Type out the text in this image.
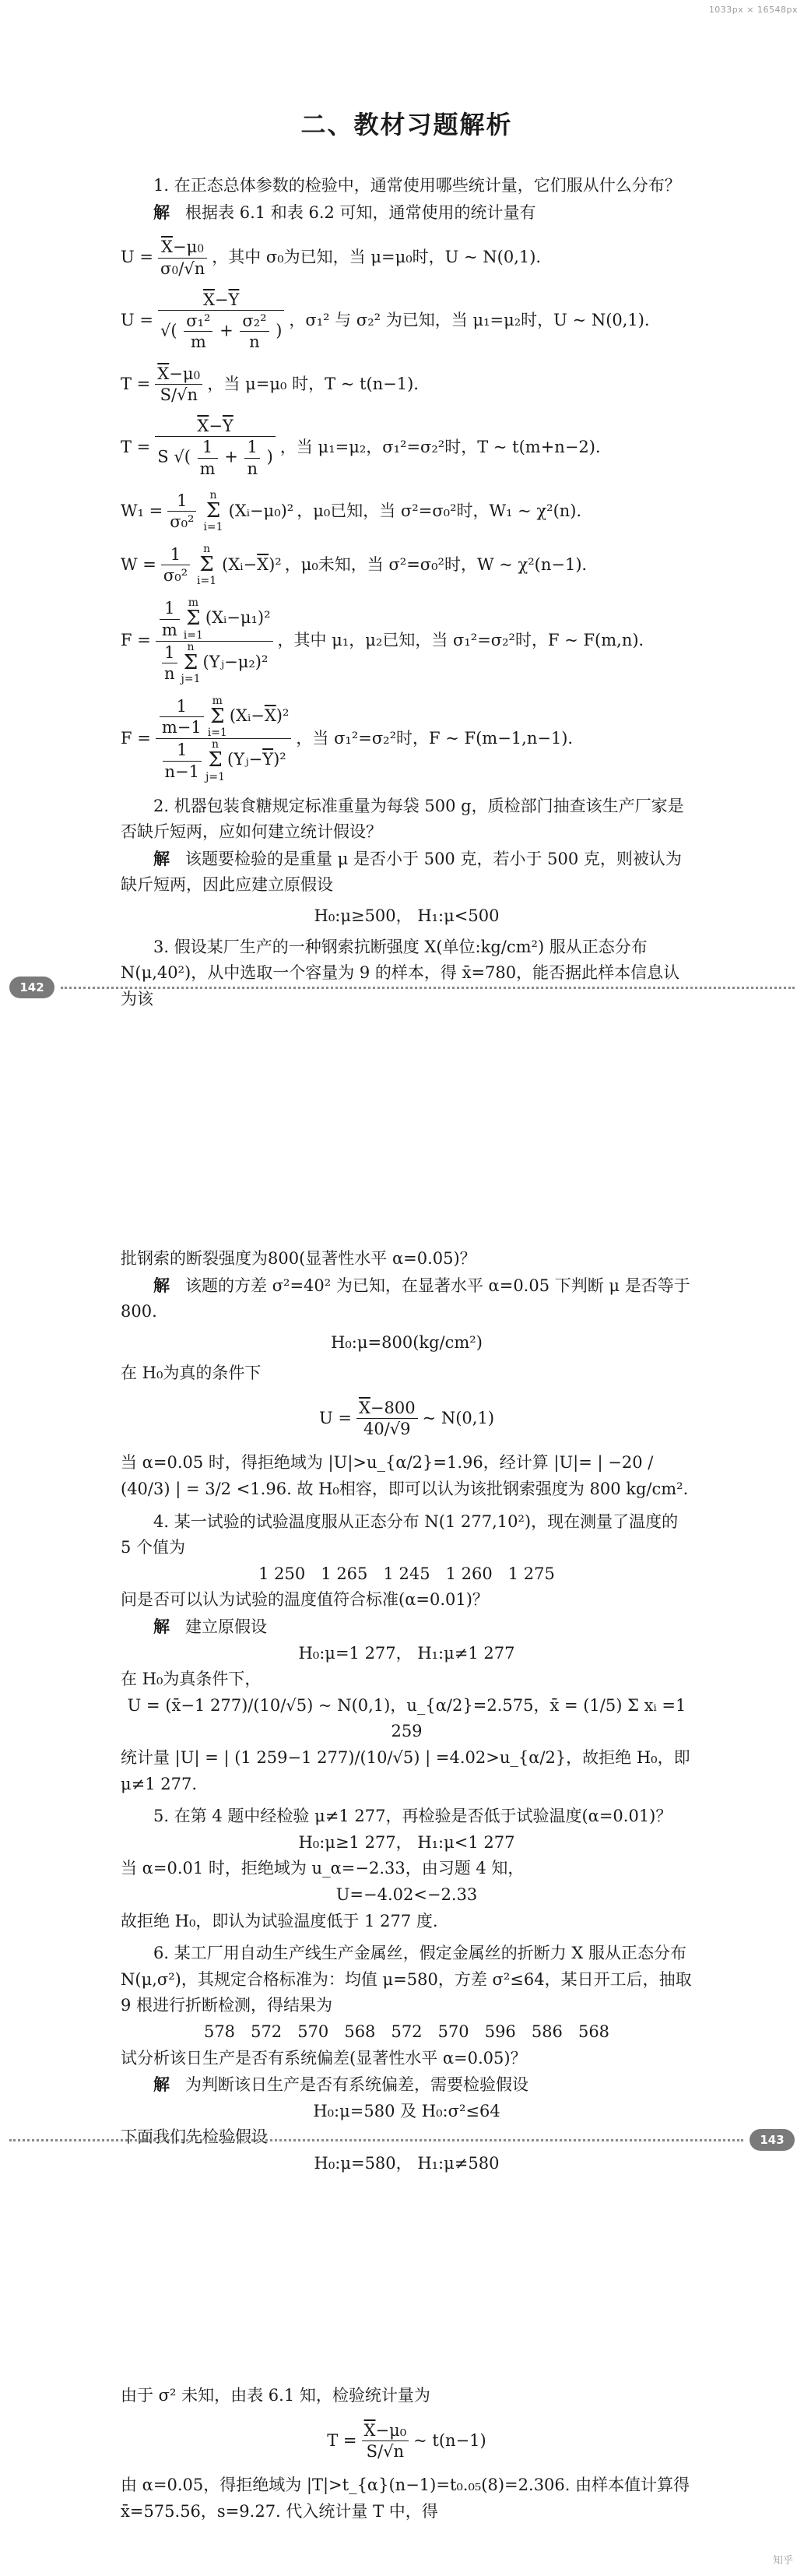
1033px × 16548px
二、教材习题解析

1. 在正态总体参数的检验中，通常使用哪些统计量，它们服从什么分布？

解 根据表 6.1 和表 6.2 可知，通常使用的统计量有

$U = \frac{\overline{X}-\mu 0}{\sigma 0/√n}$ ，其中 σ₀为已知，当 μ=μ₀时，U ~ N(0,1)．
$U = \frac{\overline{X}-\overline{Y}}{√( \frac{\text{σ₁²}}{m} + \frac{\text{σ₂²}}{n} )}$ ，σ₁² 与 σ₂² 为已知，当 μ₁=μ₂时，U ~ N(0,1)．
$T = \frac{\overline{X}-\mu 0}{S/√n}$ ，当 μ=μ₀ 时，T ~ t(n−1)．
$T = \frac{\overline{X}-\overline{Y}}{S √( \frac{1}{m} + \frac{1}{n} )}$ ，当 μ₁=μ₂，σ₁²=σ₂²时，T ~ t(m+n−2)．
$W_1 = \frac{1}{\text{σ₀²}}$ n
Σ
i=1
(Xᵢ−μ₀)² ，μ₀已知，当 σ²=σ₀²时，W₁ ~ χ²(n)．
$W = \frac{1}{\text{σ₀²}}$ n
Σ
i=1
$(Xᵢ-\overline{X})^2$ ，μ₀未知，当 σ²=σ₀²时，W ~ χ²(n−1)．
F =
$\frac{1}{m}$ m
Σ
i=1
(Xᵢ−μ₁)²
$\frac{1}{n}$ n
Σ
j=1
(Yⱼ−μ₂)²
，其中 μ₁，μ₂已知，当 σ₁²=σ₂²时，F ~ F(m,n)．
F =
$\frac{1}{m-1}$ m
Σ
i=1
$(Xᵢ-\overline{X})^2$
$\frac{1}{n-1}$ n
Σ
j=1
$(Yⱼ-\overline{Y})^2$
，当 σ₁²=σ₂²时，F ~ F(m−1,n−1)．

2. 机器包装食糖规定标准重量为每袋 500 g，质检部门抽查该生产厂家是否缺斤短两，应如何建立统计假设？

解 该题要检验的是重量 μ 是否小于 500 克，若小于 500 克，则被认为缺斤短两，因此应建立原假设

H₀:μ≥500， H₁:μ<500

3. 假设某厂生产的一种钢索抗断强度 X(单位:kg/cm²) 服从正态分布 N(μ,40²)，从中选取一个容量为 9 的样本，得 x̄=780，能否据此样本信息认为该

142

批钢索的断裂强度为800(显著性水平 α=0.05)？

解 该题的方差 σ²=40² 为已知，在显著水平 α=0.05 下判断 μ 是否等于 800.

H₀:μ=800(kg/cm²)

在 H₀为真的条件下

$U = \frac{\overline{X}-800}{40/√9}$ ~ N(0,1)

当 α=0.05 时，得拒绝域为 |U|>u_{α/2}=1.96，经计算 |U|= | −20 / (40/3) | = 3/2 <1.96. 故 H₀相容，即可以认为该批钢索强度为 800 kg/cm².

4. 某一试验的试验温度服从正态分布 N(1 277,10²)，现在测量了温度的 5 个值为

1 250 1 265 1 245 1 260 1 275

问是否可以认为试验的温度值符合标准(α=0.01)？

解 建立原假设

H₀:μ=1 277， H₁:μ≠1 277

在 H₀为真条件下，

U = (x̄−1 277)/(10/√5) ~ N(0,1)，u_{α/2}=2.575，x̄ = (1/5) Σ xᵢ =1 259

统计量 |U| = | (1 259−1 277)/(10/√5) | =4.02>u_{α/2}，故拒绝 H₀，即 μ≠1 277.

5. 在第 4 题中经检验 μ≠1 277，再检验是否低于试验温度(α=0.01)？

H₀:μ≥1 277， H₁:μ<1 277

当 α=0.01 时，拒绝域为 u_α=−2.33，由习题 4 知，

U=−4.02<−2.33

故拒绝 H₀，即认为试验温度低于 1 277 度.

6. 某工厂用自动生产线生产金属丝，假定金属丝的折断力 X 服从正态分布 N(μ,σ²)，其规定合格标准为：均值 μ=580，方差 σ²≤64，某日开工后，抽取 9 根进行折断检测，得结果为

578 572 570 568 572 570 596 586 568

试分析该日生产是否有系统偏差(显著性水平 α=0.05)？

解 为判断该日生产是否有系统偏差，需要检验假设

H₀:μ=580 及 H₀:σ²≤64

下面我们先检验假设

H₀:μ=580， H₁:μ≠580

143

由于 σ² 未知，由表 6.1 知，检验统计量为

$T = \frac{\overline{X}-\mu_0}{S/√n}$ ~ t(n−1)

由 α=0.05，得拒绝域为 |T|>t_{α}(n−1)=t₀.₀₅(8)=2.306. 由样本值计算得

x̄=575.56，s=9.27. 代入统计量 T 中，得

知乎
